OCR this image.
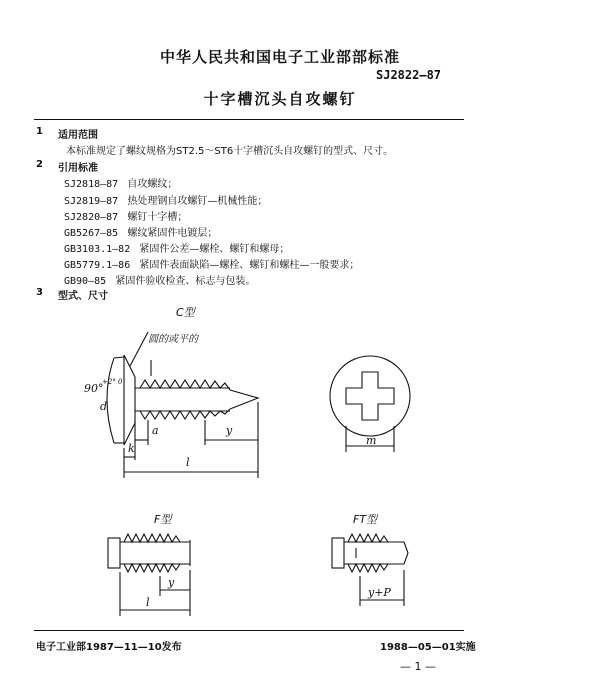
中华人民共和国电子工业部部标准
SJ2822—87
十字槽沉头自攻螺钉
1 适用范围
本标准规定了螺纹规格为ST2.5～ST6十字槽沉头自攻螺钉的型式、尺寸。
2 引用标准
SJ2818—87 自攻螺纹；
SJ2819—87 热处理钢自攻螺钉—机械性能；
SJ2820—87 螺钉十字槽；
GB5267—85 螺纹紧固件电镀层；
GB3103.1—82 紧固件公差—螺栓、螺钉和螺母；
GB5779.1—86 紧固件表面缺陷—螺栓、螺钉和螺柱—一般要求；
GB90—85 紧固件验收检查、标志与包装。
3 型式、尺寸
C型
圆的或平的
F型	FT型
90°
+2° 0
d
a	y
k
l
m
y
l
y+P
电子工业部1987—11—10发布	1988—05—01实施
— 1 —
